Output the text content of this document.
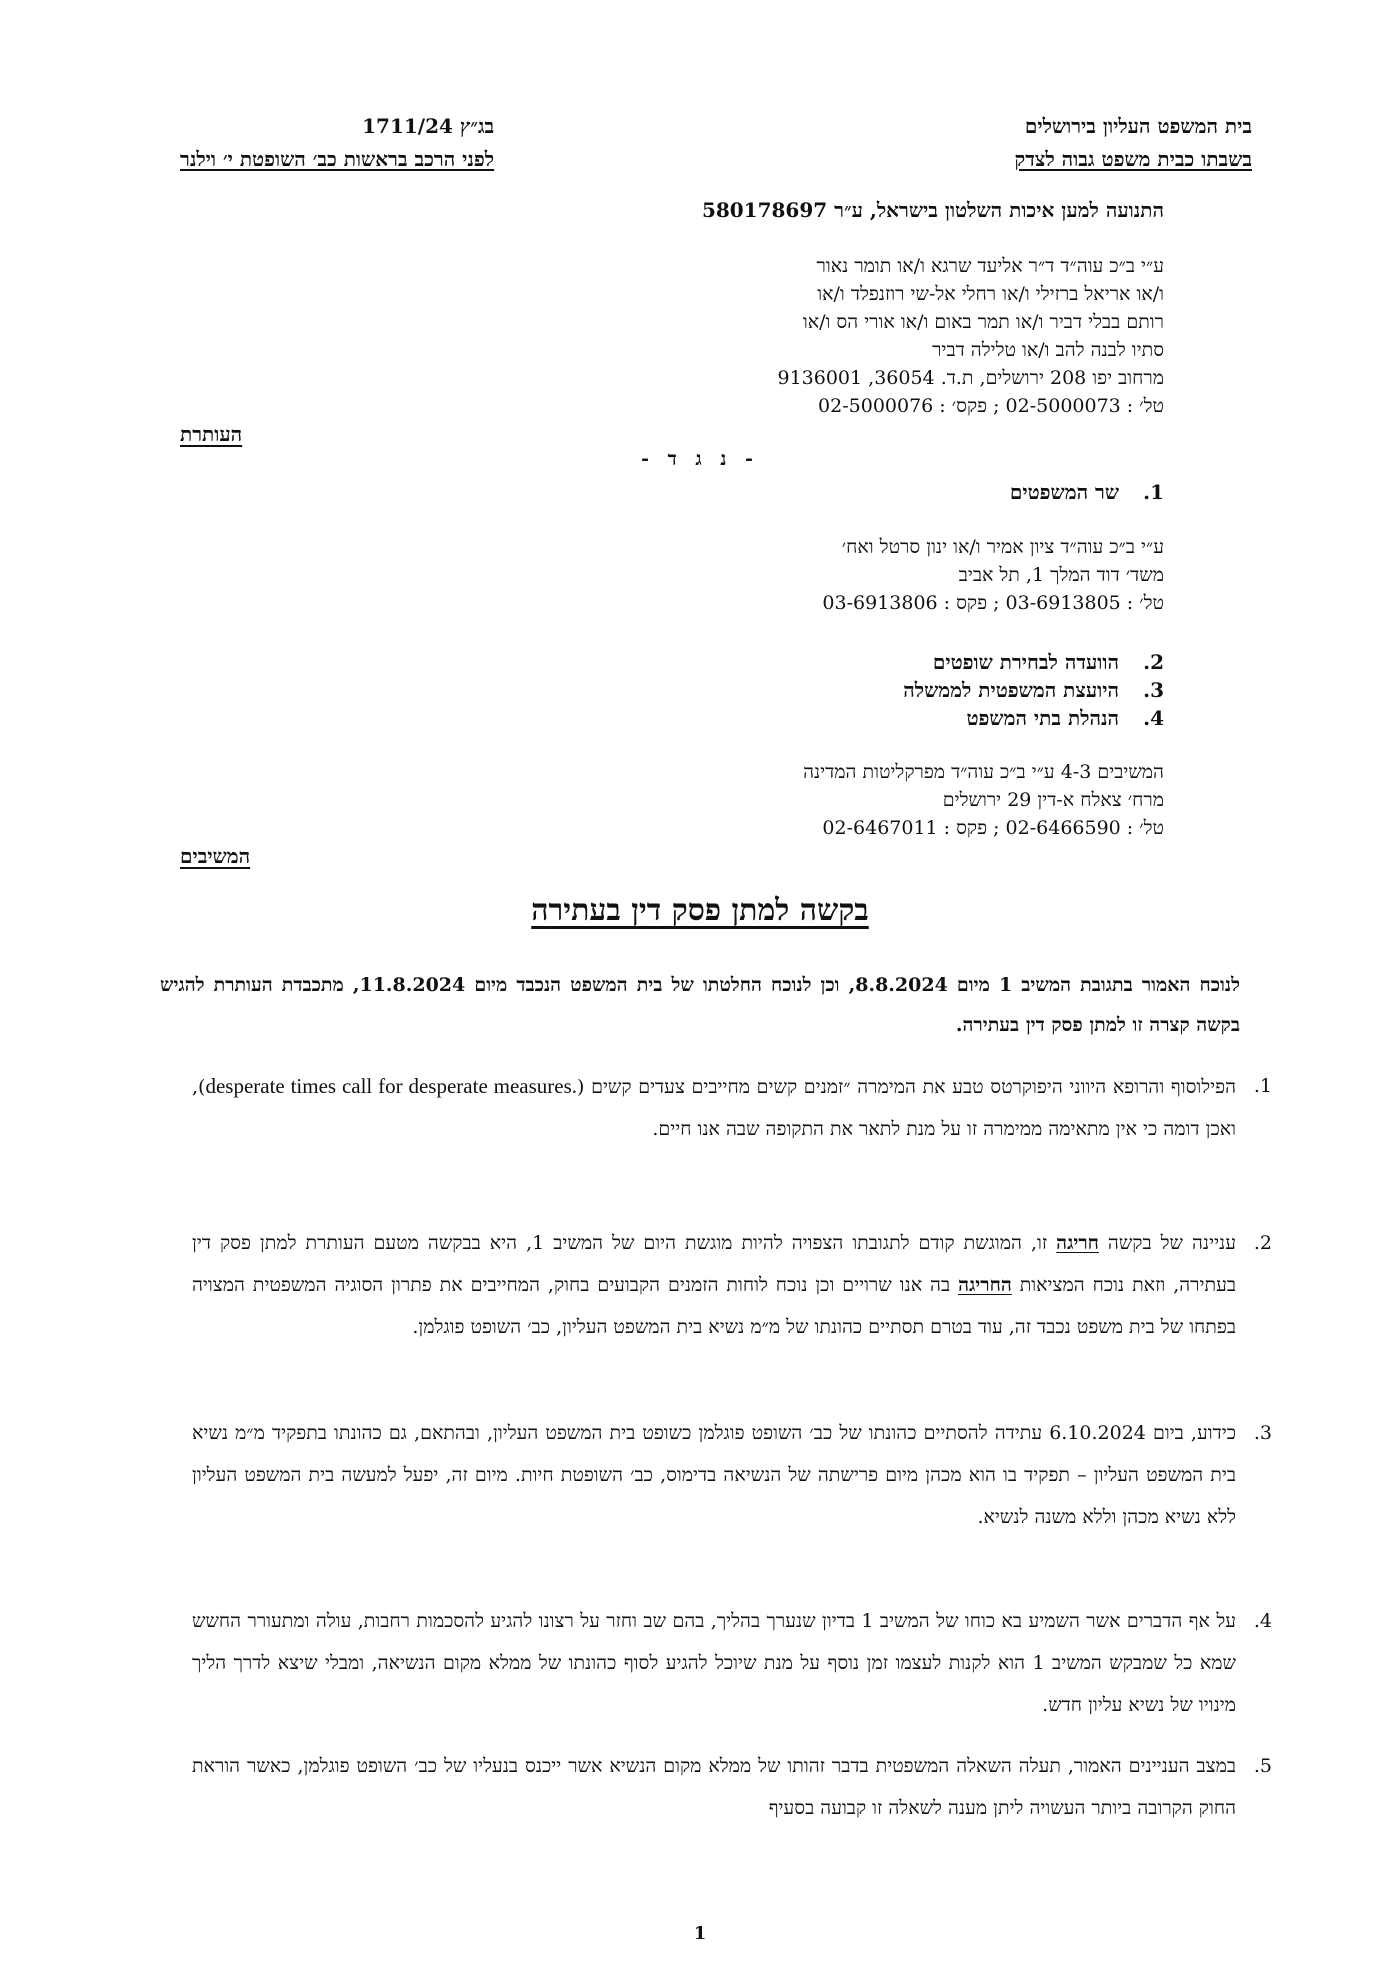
בית המשפט העליון בירושלים
בשבתו כבית משפט גבוה לצדק
בג״ץ 1711/24
לפני הרכב בראשות כב׳ השופטת י׳ וילנר
התנועה למען איכות השלטון בישראל, ע״ר 580178697
ע״י ב״כ עוה״ד ד״ר אליעד שרגא ו/או תומר נאור
ו/או אריאל ברזילי ו/או רחלי אל-שי רוזנפלד ו/או
רותם בבלי דביר ו/או תמר באום ו/או אורי הס ו/או
סתיו לבנה להב ו/או טלילה דביר
מרחוב יפו 208 ירושלים, ת.ד. 36054, 9136001
טל׳ : 02-5000073 ; פקס׳ : 02-5000076
העותרת
- נ ג ד -
1. שר המשפטים
ע״י ב״כ עוה״ד ציון אמיר ו/או ינון סרטל ואח׳
משד׳ דוד המלך 1, תל אביב
טל׳ : 03-6913805 ; פקס : 03-6913806
2. הוועדה לבחירת שופטים
3. היועצת המשפטית לממשלה
4. הנהלת בתי המשפט
המשיבים 4-3 ע״י ב״כ עוה״ד מפרקליטות המדינה
מרח׳ צאלח א-דין 29 ירושלים
טל׳ : 02-6466590 ; פקס : 02-6467011
המשיבים
בקשה למתן פסק דין בעתירה
לנוכח האמור בתגובת המשיב 1 מיום 8.8.2024, וכן לנוכח החלטתו של בית המשפט הנכבד מיום 11.8.2024, מתכבדת העותרת להגיש בקשה קצרה זו למתן פסק דין בעתירה.
1.
הפילוסוף והרופא היווני היפוקרטס טבע את המימרה ״זמנים קשים מחייבים צעדים קשים (desperate times call for desperate measures.), ואכן דומה כי אין מתאימה ממימרה זו על מנת לתאר את התקופה שבה אנו חיים.
2.
עניינה של בקשה חריגה זו, המוגשת קודם לתגובתו הצפויה להיות מוגשת היום של המשיב 1, היא בבקשה מטעם העותרת למתן פסק דין בעתירה, וזאת נוכח המציאות החריגה בה אנו שרויים וכן נוכח לוחות הזמנים הקבועים בחוק, המחייבים את פתרון הסוגיה המשפטית המצויה בפתחו של בית משפט נכבד זה, עוד בטרם תסתיים כהונתו של מ״מ נשיא בית המשפט העליון, כב׳ השופט פוגלמן.
3.
כידוע, ביום 6.10.2024 עתידה להסתיים כהונתו של כב׳ השופט פוגלמן כשופט בית המשפט העליון, ובהתאם, גם כהונתו בתפקיד מ״מ נשיא בית המשפט העליון – תפקיד בו הוא מכהן מיום פרישתה של הנשיאה בדימוס, כב׳ השופטת חיות. מיום זה, יפעל למעשה בית המשפט העליון ללא נשיא מכהן וללא משנה לנשיא.
4.
על אף הדברים אשר השמיע בא כוחו של המשיב 1 בדיון שנערך בהליך, בהם שב וחזר על רצונו להגיע להסכמות רחבות, עולה ומתעורר החשש שמא כל שמבקש המשיב 1 הוא לקנות לעצמו זמן נוסף על מנת שיוכל להגיע לסוף כהונתו של ממלא מקום הנשיאה, ומבלי שיצא לדרך הליך מינויו של נשיא עליון חדש.
5.
במצב העניינים האמור, תעלה השאלה המשפטית בדבר זהותו של ממלא מקום הנשיא אשר ייכנס בנעליו של כב׳ השופט פוגלמן, כאשר הוראת החוק הקרובה ביותר העשויה ליתן מענה לשאלה זו קבועה בסעיף
1
